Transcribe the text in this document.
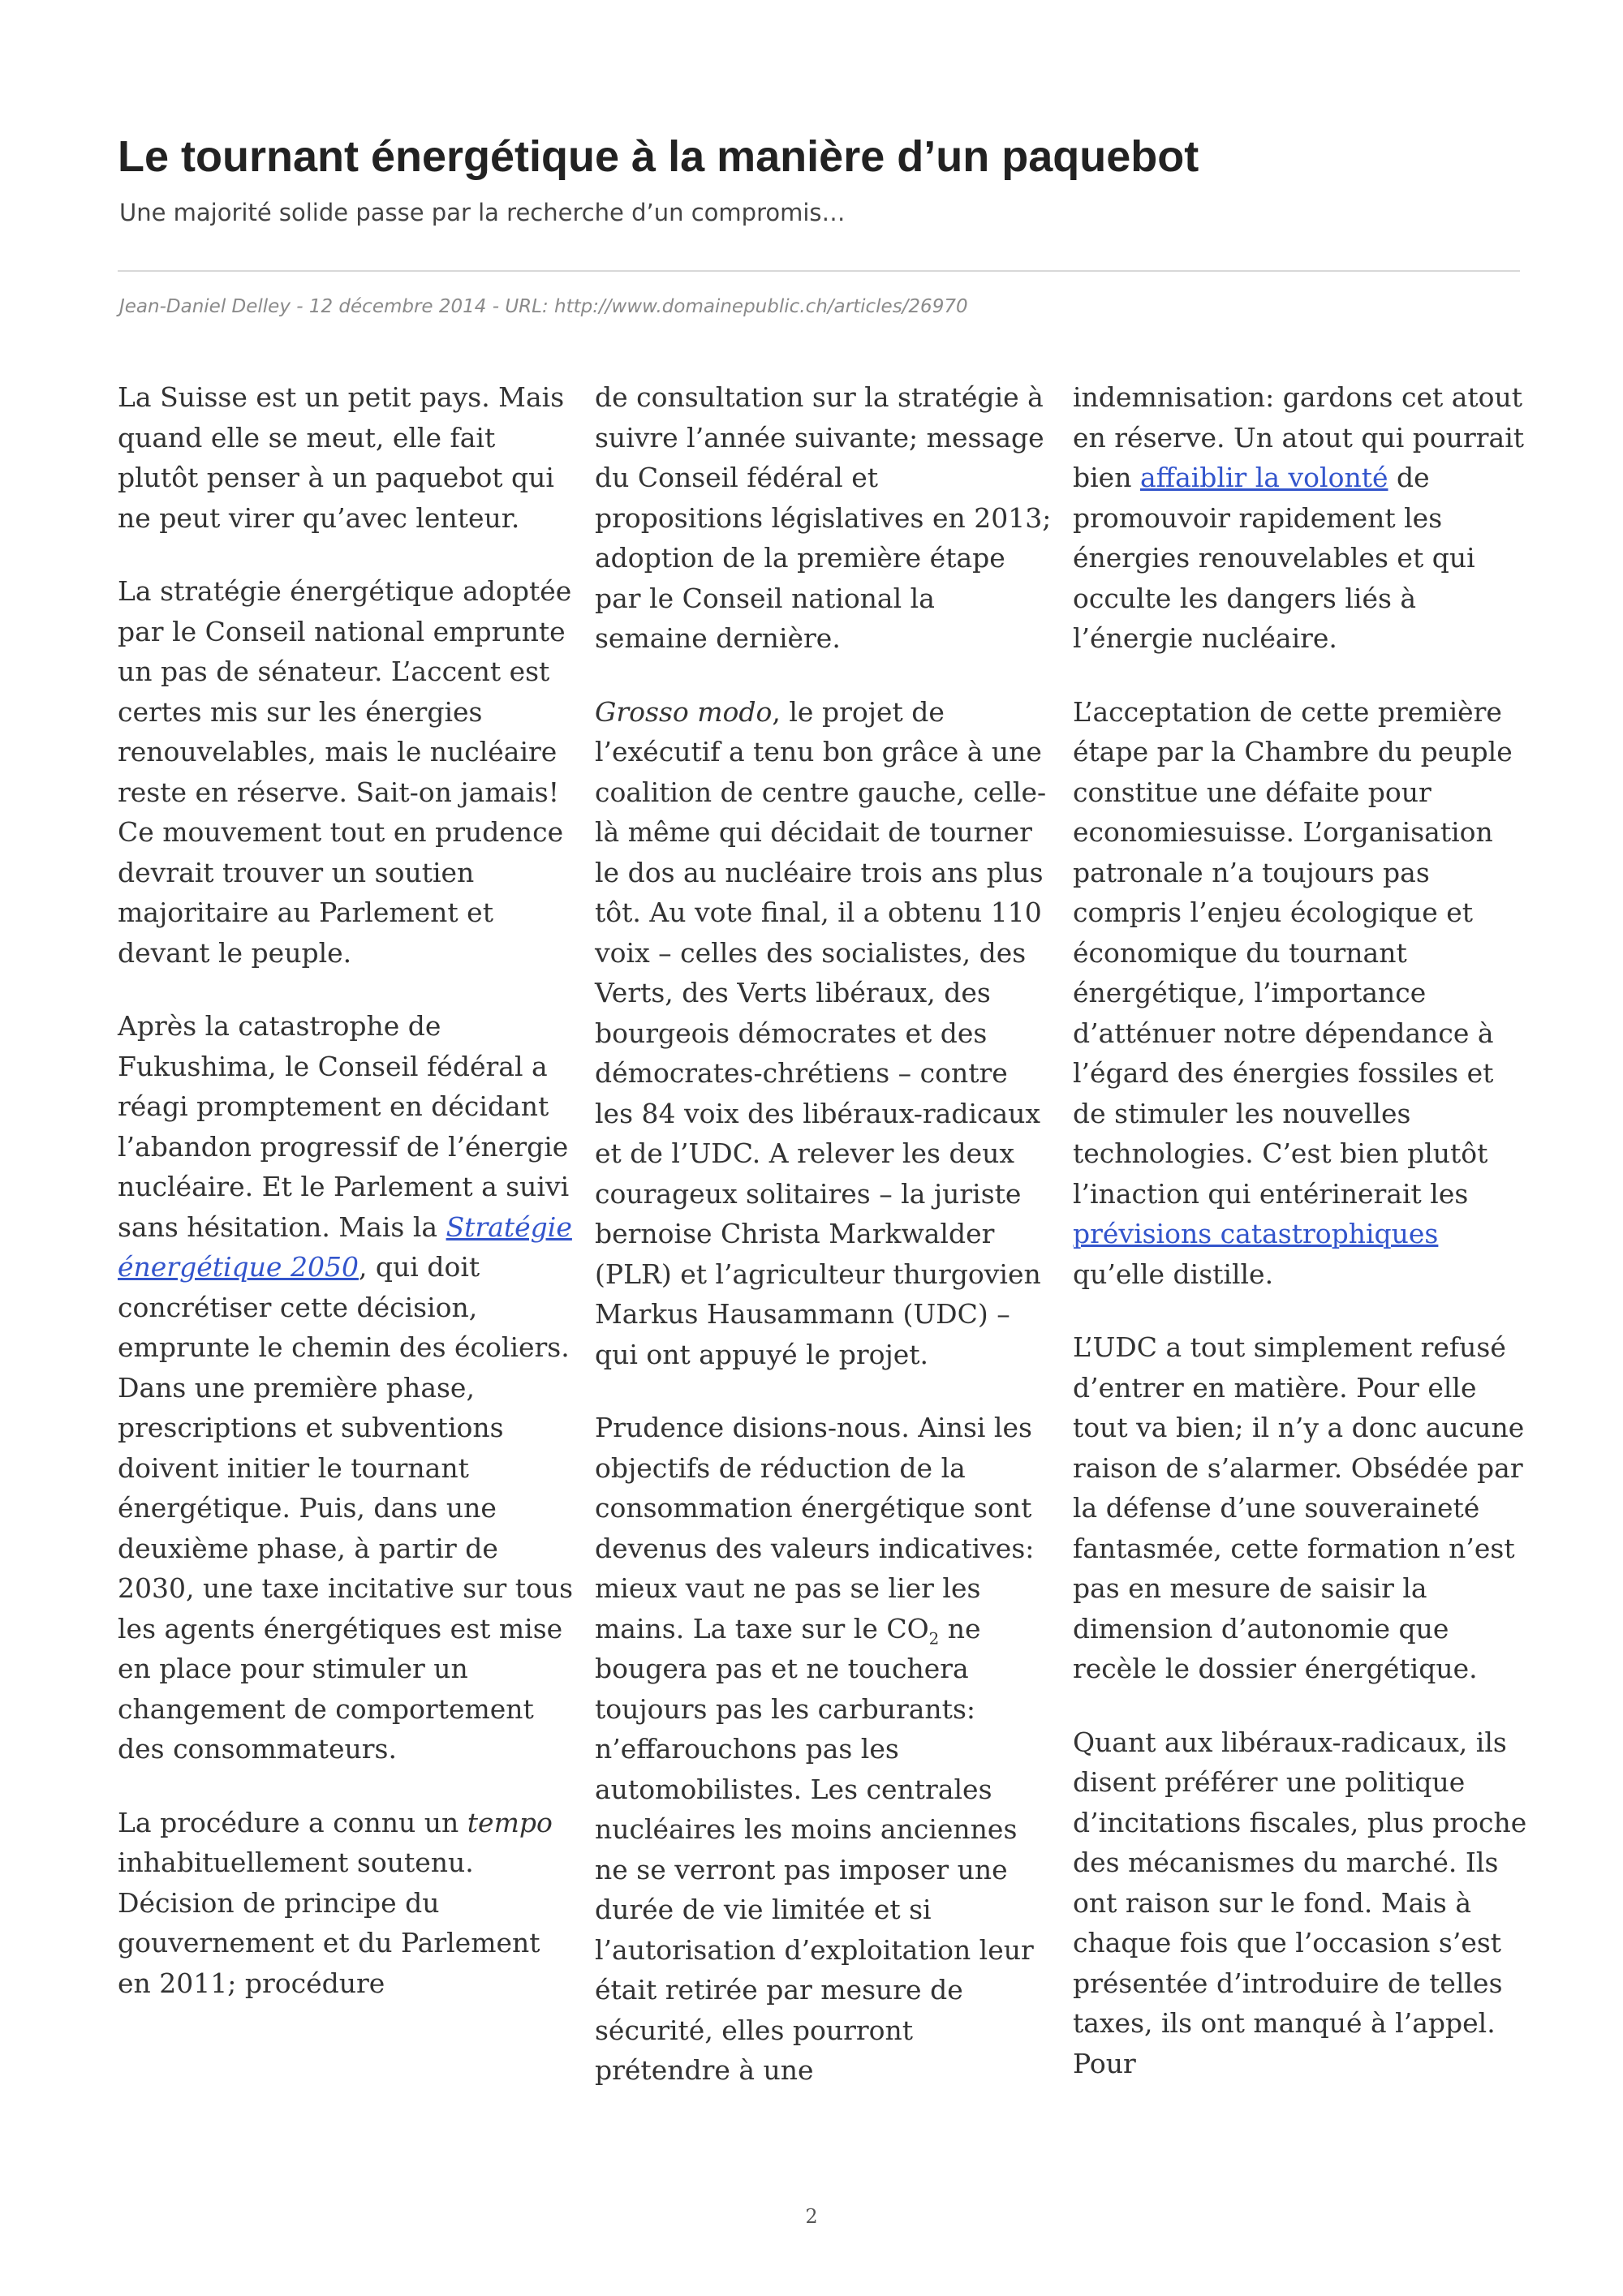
Le tournant énergétique à la manière d’un paquebot

Une majorité solide passe par la recherche d’un compromis…

Jean-Daniel Delley - 12 décembre 2014 - URL: http://www.domainepublic.ch/articles/26970

La Suisse est un petit pays. Mais quand elle se meut, elle fait plutôt penser à un paquebot qui ne peut virer qu’avec lenteur.

La stratégie énergétique adoptée par le Conseil national emprunte un pas de sénateur. L’accent est certes mis sur les énergies renouvelables, mais le nucléaire reste en réserve. Sait-on jamais! Ce mouvement tout en prudence devrait trouver un soutien majoritaire au Parlement et devant le peuple.

Après la catastrophe de Fukushima, le Conseil fédéral a réagi promptement en décidant l’abandon progressif de l’énergie nucléaire. Et le Parlement a suivi sans hésitation. Mais la Stratégie énergétique 2050, qui doit concrétiser cette décision, emprunte le chemin des écoliers. Dans une première phase, prescriptions et subventions doivent initier le tournant énergétique. Puis, dans une deuxième phase, à partir de 2030, une taxe incitative sur tous les agents énergétiques est mise en place pour stimuler un changement de comportement des consommateurs.

La procédure a connu un tempo inhabituellement soutenu. Décision de principe du gouvernement et du Parlement en 2011; procédure

de consultation sur la stratégie à suivre l’année suivante; message du Conseil fédéral et propositions législatives en 2013; adoption de la première étape par le Conseil national la semaine dernière.

Grosso modo, le projet de l’exécutif a tenu bon grâce à une coalition de centre gauche, celle-là même qui décidait de tourner le dos au nucléaire trois ans plus tôt. Au vote final, il a obtenu 110 voix – celles des socialistes, des Verts, des Verts libéraux, des bourgeois démocrates et des démocrates-chrétiens – contre les 84 voix des libéraux-radicaux et de l’UDC. A relever les deux courageux solitaires – la juriste bernoise Christa Markwalder (PLR) et l’agriculteur thurgovien Markus Hausammann (UDC) – qui ont appuyé le projet.

Prudence disions-nous. Ainsi les objectifs de réduction de la consommation énergétique sont devenus des valeurs indicatives: mieux vaut ne pas se lier les mains. La taxe sur le $CO_2$ ne bougera pas et ne touchera toujours pas les carburants: n’effarouchons pas les automobilistes. Les centrales nucléaires les moins anciennes ne se verront pas imposer une durée de vie limitée et si l’autorisation d’exploitation leur était retirée par mesure de sécurité, elles pourront prétendre à une

indemnisation: gardons cet atout en réserve. Un atout qui pourrait bien affaiblir la volonté de promouvoir rapidement les énergies renouvelables et qui occulte les dangers liés à l’énergie nucléaire.

L’acceptation de cette première étape par la Chambre du peuple constitue une défaite pour economiesuisse. L’organisation patronale n’a toujours pas compris l’enjeu écologique et économique du tournant énergétique, l’importance d’atténuer notre dépendance à l’égard des énergies fossiles et de stimuler les nouvelles technologies. C’est bien plutôt l’inaction qui entérinerait les prévisions catastrophiques qu’elle distille.

L’UDC a tout simplement refusé d’entrer en matière. Pour elle tout va bien; il n’y a donc aucune raison de s’alarmer. Obsédée par la défense d’une souveraineté fantasmée, cette formation n’est pas en mesure de saisir la dimension d’autonomie que recèle le dossier énergétique.

Quant aux libéraux-radicaux, ils disent préférer une politique d’incitations fiscales, plus proche des mécanismes du marché. Ils ont raison sur le fond. Mais à chaque fois que l’occasion s’est présentée d’introduire de telles taxes, ils ont manqué à l’appel. Pour

2
